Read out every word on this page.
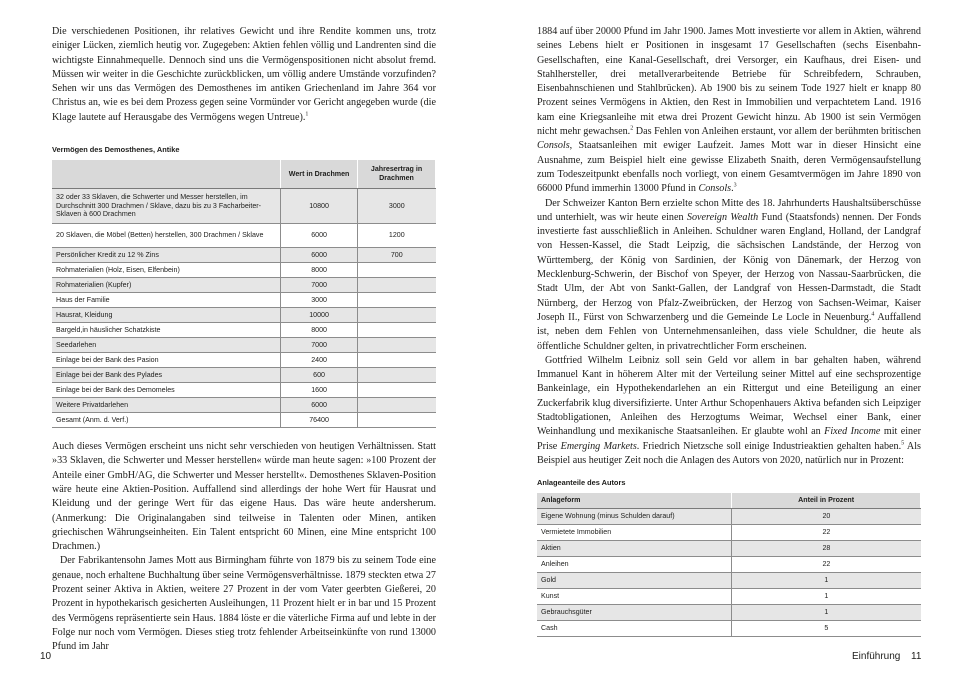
Die verschiedenen Positionen, ihr relatives Gewicht und ihre Rendite kommen uns, trotz einiger Lücken, ziemlich heutig vor. Zugegeben: Aktien fehlen völlig und Landrenten sind die wichtigste Einnahmequelle. Dennoch sind uns die Vermögenspositionen nicht absolut fremd. Müssen wir weiter in die Geschichte zurückblicken, um völlig andere Umstände vorzufinden? Sehen wir uns das Vermögen des Demosthenes im antiken Griechenland im Jahre 364 vor Christus an, wie es bei dem Prozess gegen seine Vormünder vor Gericht angegeben wurde (die Klage lautete auf Herausgabe des Vermögens wegen Untreue).$^1$

Vermögen des Demosthenes, Antike

	Wert in Drachmen	Jahresertrag in Drachmen
32 oder 33 Sklaven, die Schwerter und Messer herstellen, im Durchschnitt 300 Drachmen / Sklave, dazu bis zu 3 Facharbeiter-Sklaven à 600 Drachmen	10800	3000
20 Sklaven, die Möbel (Betten) herstellen, 300 Drachmen / Sklave	6000	1200
Persönlicher Kredit zu 12 % Zins	6000	700
Rohmaterialien (Holz, Eisen, Elfenbein)	8000	
Rohmaterialien (Kupfer)	7000	
Haus der Familie	3000	
Hausrat, Kleidung	10000	
Bargeld,in häuslicher Schatzkiste	8000	
Seedarlehen	7000	
Einlage bei der Bank des Pasion	2400	
Einlage bei der Bank des Pylades	600	
Einlage bei der Bank des Demomeles	1600	
Weitere Privatdarlehen	6000	
Gesamt (Anm. d. Verf.)	76400	

Auch dieses Vermögen erscheint uns nicht sehr verschieden von heutigen Verhältnissen. Statt »33 Sklaven, die Schwerter und Messer herstellen« würde man heute sagen: »100 Prozent der Anteile einer GmbH/AG, die Schwerter und Messer herstellt«. Demosthenes Sklaven-Position wäre heute eine Aktien-Position. Auffallend sind allerdings der hohe Wert für Hausrat und Kleidung und der geringe Wert für das eigene Haus. Das wäre heute andersherum. (Anmerkung: Die Originalangaben sind teilweise in Talenten oder Minen, antiken griechischen Währungseinheiten. Ein Talent entspricht 60 Minen, eine Mine entspricht 100 Drachmen.)

Der Fabrikantensohn James Mott aus Birmingham führte von 1879 bis zu seinem Tode eine genaue, noch erhaltene Buchhaltung über seine Vermögensverhältnisse. 1879 steckten etwa 27 Prozent seiner Aktiva in Aktien, weitere 27 Prozent in der vom Vater geerbten Gießerei, 20 Prozent in hypothekarisch gesicherten Ausleihungen, 11 Prozent hielt er in bar und 15 Prozent des Vermögens repräsentierte sein Haus. 1884 löste er die väterliche Firma auf und lebte in der Folge nur noch vom Vermögen. Dieses stieg trotz fehlender Arbeitseinkünfte von rund 13000 Pfund im Jahr

10

1884 auf über 20000 Pfund im Jahr 1900. James Mott investierte vor allem in Aktien, während seines Lebens hielt er Positionen in insgesamt 17 Gesellschaften (sechs Eisenbahn-Gesellschaften, eine Kanal-Gesellschaft, drei Versorger, ein Kaufhaus, drei Eisen- und Stahlhersteller, drei metallverarbeitende Betriebe für Schreibfedern, Schrauben, Eisenbahnschienen und Stahlbrücken). Ab 1900 bis zu seinem Tode 1927 hielt er knapp 80 Prozent seines Vermögens in Aktien, den Rest in Immobilien und verpachtetem Land. 1916 kam eine Kriegsanleihe mit etwa drei Prozent Gewicht hinzu. Ab 1900 ist sein Vermögen nicht mehr gewachsen.$^2$ Das Fehlen von Anleihen erstaunt, vor allem der berühmten britischen Consols, Staatsanleihen mit ewiger Laufzeit. James Mott war in dieser Hinsicht eine Ausnahme, zum Beispiel hielt eine gewisse Elizabeth Snaith, deren Vermögensaufstellung zum Todeszeitpunkt ebenfalls noch vorliegt, von einem Gesamtvermögen im Jahre 1890 von 66000 Pfund immerhin 13000 Pfund in Consols.$^3$

Der Schweizer Kanton Bern erzielte schon Mitte des 18. Jahrhunderts Haushaltsüberschüsse und unterhielt, was wir heute einen Sovereign Wealth Fund (Staatsfonds) nennen. Der Fonds investierte fast ausschließlich in Anleihen. Schuldner waren England, Holland, der Landgraf von Hessen-Kassel, die Stadt Leipzig, die sächsischen Landstände, der Herzog von Württemberg, der König von Sardinien, der König von Dänemark, der Herzog von Mecklenburg-Schwerin, der Bischof von Speyer, der Herzog von Nassau-Saarbrücken, die Stadt Ulm, der Abt von Sankt-Gallen, der Landgraf von Hessen-Darmstadt, die Stadt Nürnberg, der Herzog von Pfalz-Zweibrücken, der Herzog von Sachsen-Weimar, Kaiser Joseph II., Fürst von Schwarzenberg und die Gemeinde Le Locle in Neuenburg.$^4$ Auffallend ist, neben dem Fehlen von Unternehmensanleihen, dass viele Schuldner, die heute als öffentliche Schuldner gelten, in privatrechtlicher Form erscheinen.

Gottfried Wilhelm Leibniz soll sein Geld vor allem in bar gehalten haben, während Immanuel Kant in höherem Alter mit der Verteilung seiner Mittel auf eine sechsprozentige Bankeinlage, ein Hypothekendarlehen an ein Rittergut und eine Beteiligung an einer Zuckerfabrik klug diversifizierte. Unter Arthur Schopenhauers Aktiva befanden sich Leipziger Stadtobligationen, Anleihen des Herzogtums Weimar, Wechsel einer Bank, einer Weinhandlung und mexikanische Staatsanleihen. Er glaubte wohl an Fixed Income mit einer Prise Emerging Markets. Friedrich Nietzsche soll einige Industrieaktien gehalten haben.$^5$ Als Beispiel aus heutiger Zeit noch die Anlagen des Autors von 2020, natürlich nur in Prozent:

Anlageanteile des Autors

Anlageform	Anteil in Prozent
Eigene Wohnung (minus Schulden darauf)	20
Vermietete Immobilien	22
Aktien	28
Anleihen	22
Gold	1
Kunst	1
Gebrauchsgüter	1
Cash	5
Einführung 11
